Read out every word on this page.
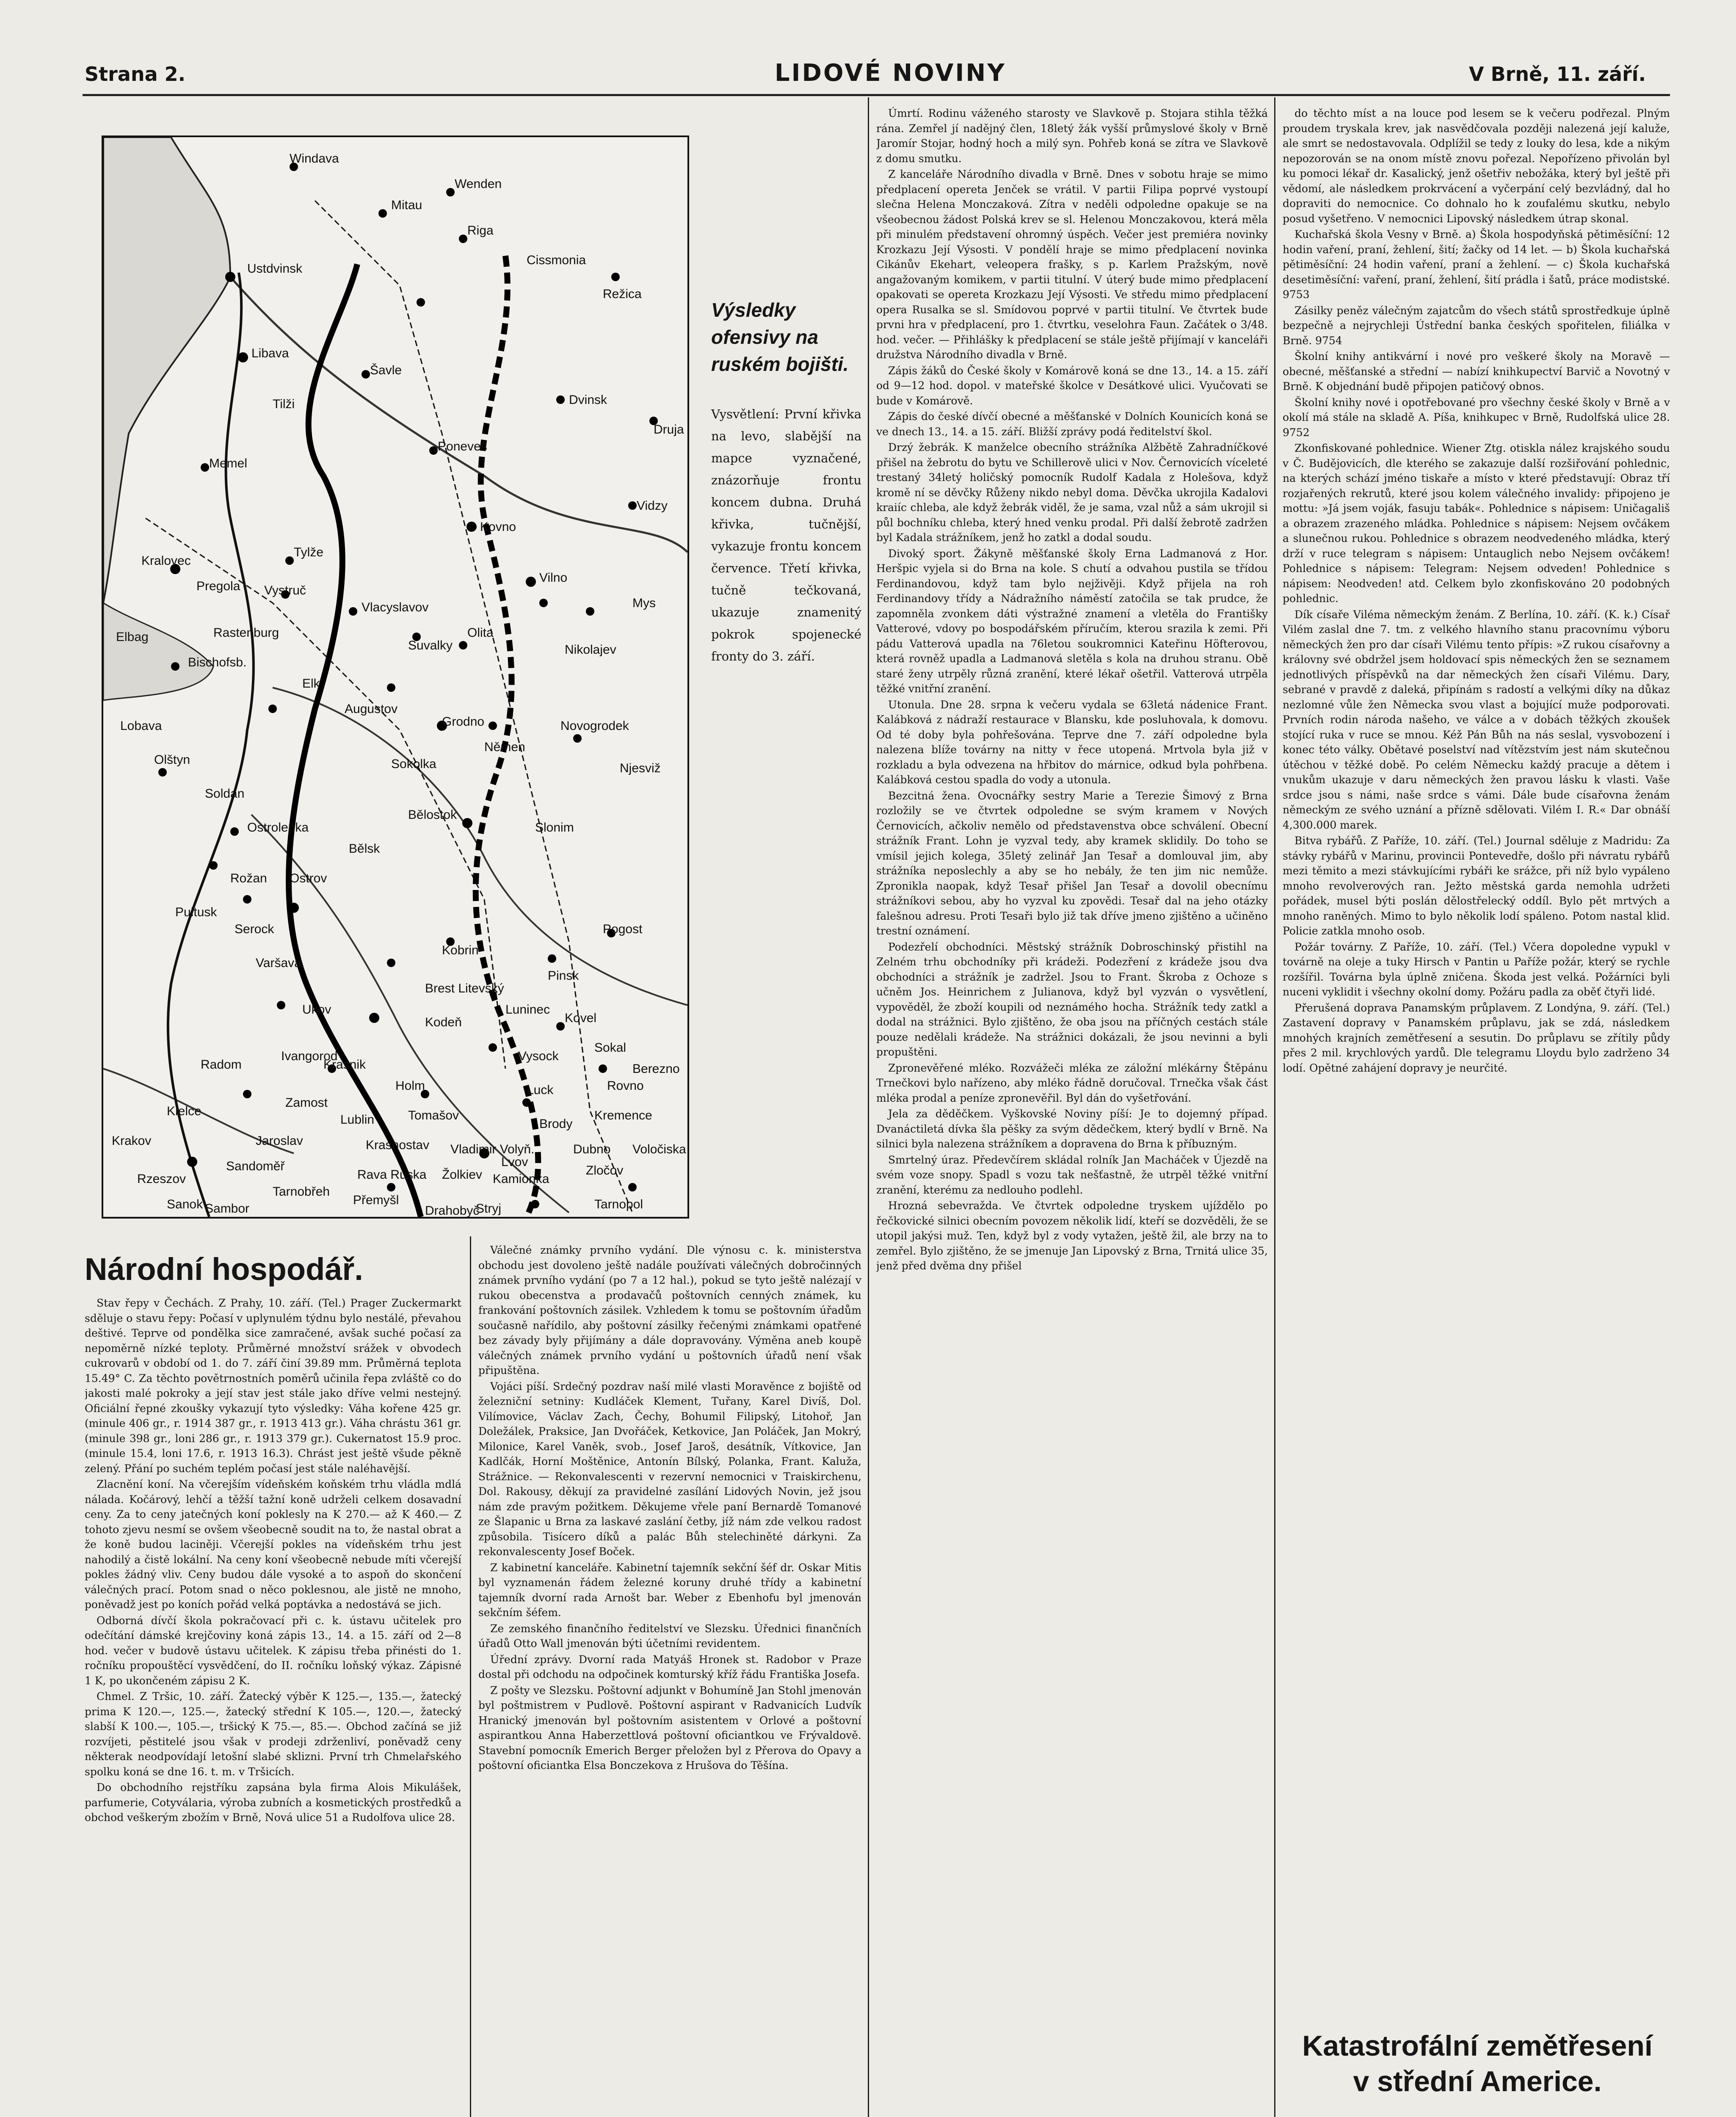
Strana 2.	LIDOVÉ NOVINY	V Brně, 11. září.
Windava
Mitau
Wenden
Ustdvinsk
Riga
Cissmonia
Režica
Libava
Tilži
Šavle
Dvinsk
Memel
Poneveš
Druja
Vidzy
Kovno
Tylže
Vilno
Kralovec
Pregola Vystruč
Vlacyslavov
Suvalky
Olita
Mys
Nikolajev
Elbag
Bischofsb.
Rastenburg
Elk
Augustov
Grodno
Němen
Novogrodek
Lobava
Sokolka	Njesviž
Olštyn
Soldan
Ostrolenka
Bělostok
Slonim
Bělsk
Ostrov
Pultusk
Rožan
Serock
Varšava
Ukov
Pinsk
Pogost
Ivangorod
Kobrin
Brest Litevský
Luninec
Kodeň
Radom
Kielce
Lublin
Holm
Vysock
Luck
Kovel
Sokal
Rovno
Berezno
Krasnik
Krasnostav Vladimir Volyň.	Dubno
Sandoměř
Zamost
Tomašov
Tarnobřeh
Jaroslav
Rava Ruska	Kamionka
Brody
Krakov
Rzeszov
Lvov
Žolkiev
Tarnopol
Přemyšl
Sambor	Drahobyč
Kremence
Zločov
Voločiska
Stryj
Sanok
Výsledky ofensivy na ruském bojišti.
Vysvětlení: První křivka na levo, slabější na mapce vyznačené, znázorňuje frontu koncem dubna. Druhá křivka, tučnější, vykazuje frontu koncem července. Třetí křivka, tučně tečkovaná, ukazuje znamenitý pokrok spojenecké fronty do 3. září.
Národní hospodář.

Stav řepy v Čechách. Z Prahy, 10. září. (Tel.) Prager Zuckermarkt sděluje o stavu řepy: Počasí v uplynulém týdnu bylo nestálé, převahou deštivé. Teprve od pondělka sice zamračené, avšak suché počasí za nepoměrně nízké teploty. Průměrné množství srážek v obvodech cukrovarů v období od 1. do 7. září činí 39.89 mm. Průměrná teplota 15.49° C. Za těchto povětrnostních poměrů učinila řepa zvláště co do jakosti malé pokroky a její stav jest stále jako dříve velmi nestejný. Oficiální řepné zkoušky vykazují tyto výsledky: Váha kořene 425 gr. (minule 406 gr., r. 1914 387 gr., r. 1913 413 gr.). Váha chrástu 361 gr. (minule 398 gr., loni 286 gr., r. 1913 379 gr.). Cukernatost 15.9 proc. (minule 15.4, loni 17.6, r. 1913 16.3). Chrást jest ještě všude pěkně zelený. Přání po suchém teplém počasí jest stále naléhavější.

Zlacnění koní. Na včerejším vídeňském koňském trhu vládla mdlá nálada. Kočárový, lehčí a těžší tažní koně udrželi celkem dosavadní ceny. Za to ceny jatečných koní poklesly na K 270.— až K 460.— Z tohoto zjevu nesmí se ovšem všeobecně soudit na to, že nastal obrat a že koně budou laciněji. Včerejší pokles na vídeňském trhu jest nahodilý a čistě lokální. Na ceny koní všeobecně nebude míti včerejší pokles žádný vliv. Ceny budou dále vysoké a to aspoň do skončení válečných prací. Potom snad o něco poklesnou, ale jistě ne mnoho, poněvadž jest po koních pořád velká poptávka a nedostává se jich.

Odborná dívčí škola pokračovací při c. k. ústavu učitelek pro odečítání dámské krejčoviny koná zápis 13., 14. a 15. září od 2—8 hod. večer v budově ústavu učitelek. K zápisu třeba přinésti do 1. ročníku propouštěcí vysvědčení, do II. ročníku loňský výkaz. Zápisné 1 K, po ukončeném zápisu 2 K.

Chmel. Z Tršic, 10. září. Žatecký výběr K 125.—, 135.—, žatecký prima K 120.—, 125.—, žatecký střední K 105.—, 120.—, žatecký slabší K 100.—, 105.—, tršický K 75.—, 85.—. Obchod začíná se již rozvíjeti, pěstitelé jsou však v prodeji zdrženliví, poněvadž ceny některak neodpovídají letošní slabé sklizni. První trh Chmelařského spolku koná se dne 16. t. m. v Tršicích.

Do obchodního rejstříku zapsána byla firma Alois Mikulášek, parfumerie, Cotyválaria, výroba zubních a kosmetických prostředků a obchod veškerým zbožím v Brně, Nová ulice 51 a Rudolfova ulice 28.

Válečné známky prvního vydání. Dle výnosu c. k. ministerstva obchodu jest dovoleno ještě nadále používati válečných dobročinných známek prvního vydání (po 7 a 12 hal.), pokud se tyto ještě nalézají v rukou obecenstva a prodavačů poštovních cenných známek, ku frankování poštovních zásilek. Vzhledem k tomu se poštovním úřadům současně nařídilo, aby poštovní zásilky řečenými známkami opatřené bez závady byly přijímány a dále dopravovány. Výměna aneb koupě válečných známek prvního vydání u poštovních úřadů není však připuštěna.

Vojáci píší. Srdečný pozdrav naší milé vlasti Moravěnce z bojiště od železniční setniny: Kudláček Klement, Tuřany, Karel Divíš, Dol. Vilímovice, Václav Zach, Čechy, Bohumil Filipský, Litohoř, Jan Doležálek, Praksice, Jan Dvořáček, Ketkovice, Jan Poláček, Jan Mokrý, Milonice, Karel Vaněk, svob., Josef Jaroš, desátník, Vítkovice, Jan Kadlčák, Horní Moštěnice, Antonín Bílský, Polanka, Frant. Kaluža, Strážnice. — Rekonvalescenti v rezervní nemocnici v Traiskirchenu, Dol. Rakousy, děkují za pravidelné zasílání Lidových Novin, jež jsou nám zde pravým požitkem. Děkujeme vřele paní Bernardě Tomanové ze Šlapanic u Brna za laskavé zaslání četby, jíž nám zde velkou radost způsobila. Tisícero díků a palác Bůh stelechiněté dárkyni. Za rekonvalescenty Josef Boček.

Z kabinetní kanceláře. Kabinetní tajemník sekční šéf dr. Oskar Mitis byl vyznamenán řádem železné koruny druhé třídy a kabinetní tajemník dvorní rada Arnošt bar. Weber z Ebenhofu byl jmenován sekčním šéfem.

Ze zemského finančního ředitelství ve Slezsku. Úřednici finančních úřadů Otto Wall jmenován býti účetními revidentem.

Úřední zprávy. Dvorní rada Matyáš Hronek st. Radobor v Praze dostal při odchodu na odpočinek komturský kříž řádu Františka Josefa.

Z pošty ve Slezsku. Poštovní adjunkt v Bohumíně Jan Stohl jmenován byl poštmistrem v Pudlově. Poštovní aspirant v Radvanicích Ludvík Hranický jmenován byl poštovním asistentem v Orlové a poštovní aspirantkou Anna Haberzettlová poštovní oficiantkou ve Frývaldově. Stavební pomocník Emerich Berger přeložen byl z Přerova do Opavy a poštovní oficiantka Elsa Bonczekova z Hrušova do Těšína.

Úmrtí. Rodinu váženého starosty ve Slavkově p. Stojara stihla těžká rána. Zemřel jí nadějný člen, 18letý žák vyšší průmyslové školy v Brně Jaromír Stojar, hodný hoch a milý syn. Pohřeb koná se zítra ve Slavkově z domu smutku.

Z kanceláře Národního divadla v Brně. Dnes v sobotu hraje se mimo předplacení opereta Jenček se vrátil. V partii Filipa poprvé vystoupí slečna Helena Monczaková. Zítra v neděli odpoledne opakuje se na všeobecnou žádost Polská krev se sl. Helenou Monczakovou, která měla při minulém představení ohromný úspěch. Večer jest premiéra novinky Krozkazu Její Výsosti. V pondělí hraje se mimo předplacení novinka Cikánův Ekehart, veleopera frašky, s p. Karlem Pražským, nově angažovaným komikem, v partii titulní. V úterý bude mimo předplacení opakovati se opereta Krozkazu Její Výsosti. Ve středu mimo předplacení opera Rusalka se sl. Smídovou poprvé v partii titulní. Ve čtvrtek bude prvni hra v předplacení, pro 1. čtvrtku, veselohra Faun. Začátek o 3/48. hod. večer. — Přihlášky k předplacení se stále ještě přijímají v kanceláři družstva Národního divadla v Brně.

Zápis žáků do České školy v Komárově koná se dne 13., 14. a 15. září od 9—12 hod. dopol. v mateřské školce v Desátkové ulici. Vyučovati se bude v Komárově.

Zápis do české dívčí obecné a měšťanské v Dolních Kounicích koná se ve dnech 13., 14. a 15. září. Bližší zprávy podá ředitelství škol.

Drzý žebrák. K manželce obecního strážníka Alžbětě Zahradníčkové přišel na žebrotu do bytu ve Schillerově ulici v Nov. Černovicích víceleté trestaný 34letý holičský pomocník Rudolf Kadala z Holešova, když kromě ní se děvčky Růženy nikdo nebyl doma. Děvčka ukrojila Kadalovi kraiíc chleba, ale když žebrák viděl, že je sama, vzal nůž a sám ukrojil si půl bochníku chleba, který hned venku prodal. Při další žebrotě zadržen byl Kadala strážníkem, jenž ho zatkl a dodal soudu.

Divoký sport. Žákyně měšťanské školy Erna Ladmanová z Hor. Heršpic vyjela si do Brna na kole. S chutí a odvahou pustila se třídou Ferdinandovou, když tam bylo nejživěji. Když přijela na roh Ferdinandovy třídy a Nádražního náměstí zatočila se tak prudce, že zapomněla zvonkem dáti výstražné znamení a vletěla do Františky Vatterové, vdovy po bospodářském příručím, kterou srazila k zemi. Při pádu Vatterová upadla na 76letou soukromnici Kateřinu Höfterovou, která rovněž upadla a Ladmanová sletěla s kola na druhou stranu. Obě staré ženy utrpěly různá zranění, které lékař ošetřil. Vatterová utrpěla těžké vnitřní zranění.

Utonula. Dne 28. srpna k večeru vydala se 63letá nádenice Frant. Kalábková z nádraží restaurace v Blansku, kde posluhovala, k domovu. Od té doby byla pohřešována. Teprve dne 7. září odpoledne byla nalezena blíže továrny na nitty v řece utopená. Mrtvola byla již v rozkladu a byla odvezena na hřbitov do márnice, odkud byla pohřbena. Kalábková cestou spadla do vody a utonula.

Bezcitná žena. Ovocnářky sestry Marie a Terezie Šimový z Brna rozložily se ve čtvrtek odpoledne se svým kramem v Nových Černovicích, ačkoliv nemělo od představenstva obce schválení. Obecní strážník Frant. Lohn je vyzval tedy, aby kramek sklidily. Do toho se vmísil jejich kolega, 35letý zelinář Jan Tesař a domlouval jim, aby strážníka neposlechly a aby se ho nebály, že ten jim nic nemůže. Zpronikla naopak, když Tesař přišel Jan Tesař a dovolil obecnímu strážníkovi sebou, aby ho vyzval ku zpovědi. Tesař dal na jeho otázky falešnou adresu. Proti Tesaři bylo již tak dříve jmeno zjištěno a učiněno trestní oznámení.

Podezřelí obchodníci. Městský strážník Dobroschinský přistihl na Zelném trhu obchodníky při krádeži. Podezření z krádeže jsou dva obchodníci a strážník je zadržel. Jsou to Frant. Škroba z Ochoze s učněm Jos. Heinrichem z Julianova, když byl vyzván o vysvětlení, vypověděl, že zboží koupili od neznámého hocha. Strážník tedy zatkl a dodal na strážnici. Bylo zjištěno, že oba jsou na příčných cestách stále pouze nedělali krádeže. Na strážnici dokázali, že jsou nevinni a byli propuštěni.

Zpronevěřené mléko. Rozvážeči mléka ze záložní mlékárny Štěpánu Trnečkovi bylo nařízeno, aby mléko řádně doručoval. Trnečka však část mléka prodal a peníze zpronevěřil. Byl dán do vyšetřování.

Jela za děděčkem. Vyškovské Noviny píší: Je to dojemný případ. Dvanáctiletá dívka šla pěšky za svým dědečkem, který bydlí v Brně. Na silnici byla nalezena strážníkem a dopravena do Brna k příbuzným.

Smrtelný úraz. Předevčírem skládal rolník Jan Macháček v Újezdě na svém voze snopy. Spadl s vozu tak nešťastně, že utrpěl těžké vnitřní zranění, kterému za nedlouho podlehl.

Hrozná sebevražda. Ve čtvrtek odpoledne tryskem ujíždělo po řečkovické silnici obecním povozem několik lidí, kteří se dozvěděli, že se utopil jakýsi muž. Ten, když byl z vody vytažen, ještě žil, ale brzy na to zemřel. Bylo zjištěno, že se jmenuje Jan Lipovský z Brna, Trnitá ulice 35, jenž před dvěma dny přišel

do těchto míst a na louce pod lesem se k večeru podřezal. Plným proudem tryskala krev, jak nasvědčovala později nalezená její kaluže, ale smrt se nedostavovala. Odplížil se tedy z louky do lesa, kde a nikým nepozorován se na onom místě znovu pořezal. Nepořízeno přivolán byl ku pomoci lékař dr. Kasalický, jenž ošetřiv nebožáka, který byl ještě při vědomí, ale následkem prokrvácení a vyčerpání celý bezvládný, dal ho dopraviti do nemocnice. Co dohnalo ho k zoufalému skutku, nebylo posud vyšetřeno. V nemocnici Lipovský následkem útrap skonal.

Kuchařská škola Vesny v Brně. a) Škola hospodyňská pětiměsíční: 12 hodin vaření, praní, žehlení, šití; žačky od 14 let. — b) Škola kuchařská pětiměsíční: 24 hodin vaření, praní a žehlení. — c) Škola kuchařská desetiměsíční: vaření, praní, žehlení, šití prádla i šatů, práce modistské. 9753

Zásilky peněz válečným zajatcům do všech států sprostředkuje úplně bezpečně a nejrychleji Ústřední banka českých spořitelen, filiálka v Brně. 9754

Školní knihy antikvární i nové pro veškeré školy na Moravě — obecné, měšťanské a střední — nabízí knihkupectví Barvič a Novotný v Brně. K objednání budě připojen patičový obnos.

Školní knihy nové i opotřebované pro všechny české školy v Brně a v okolí má stále na skladě A. Píša, knihkupec v Brně, Rudolfská ulice 28. 9752

Zkonfiskované pohlednice. Wiener Ztg. otiskla nález krajského soudu v Č. Budějovicích, dle kterého se zakazuje další rozšiřování pohlednic, na kterých schází jméno tiskaře a místo v které představují: Obraz tří rozjařených rekrutů, které jsou kolem válečného invalidy: připojeno je mottu: »Já jsem voják, fasuju tabák«. Pohlednice s nápisem: Uničagališ a obrazem zrazeného mládka. Pohlednice s nápisem: Nejsem ovčákem a slunečnou rukou. Pohlednice s obrazem neodvedeného mládka, který drží v ruce telegram s nápisem: Untauglich nebo Nejsem ovčákem! Pohlednice s nápisem: Telegram: Nejsem odveden! Pohlednice s nápisem: Neodveden! atd. Celkem bylo zkonfiskováno 20 podobných pohlednic.

Dík císaře Viléma německým ženám. Z Berlína, 10. září. (K. k.) Císař Vilém zaslal dne 7. tm. z velkého hlavního stanu pracovnímu výboru německých žen pro dar císaři Vilému tento přípis: »Z rukou císařovny a královny své obdržel jsem holdovací spis německých žen se seznamem jednotlivých příspěvků na dar německých žen císaři Vilému. Dary, sebrané v pravdě z daleká, připínám s radostí a velkými díky na důkaz nezlomné vůle žen Německa svou vlast a bojující muže podporovati. Prvních rodin národa našeho, ve válce a v dobách těžkých zkoušek stojící ruka v ruce se mnou. Kéž Pán Bůh na nás seslal, vysvobození i konec této války. Obětavé poselství nad vítězstvím jest nám skutečnou útěchou v těžké době. Po celém Německu každý pracuje a dětem i vnukům ukazuje v daru německých žen pravou lásku k vlasti. Vaše srdce jsou s námi, naše srdce s vámi. Dále bude císařovna ženám německým ze svého uznání a přízně sdělovati. Vilém I. R.« Dar obnáší 4,300.000 marek.

Bitva rybářů. Z Paříže, 10. září. (Tel.) Journal sděluje z Madridu: Za stávky rybářů v Marinu, provincii Pontevedře, došlo při návratu rybářů mezi těmito a mezi stávkujícími rybáři ke srážce, při níž bylo vypáleno mnoho revolverových ran. Ježto městská garda nemohla udržeti pořádek, musel býti poslán dělostřelecký oddíl. Bylo pět mrtvých a mnoho raněných. Mimo to bylo několik lodí spáleno. Potom nastal klid. Policie zatkla mnoho osob.

Požár továrny. Z Paříže, 10. září. (Tel.) Včera dopoledne vypukl v továrně na oleje a tuky Hirsch v Pantin u Paříže požár, který se rychle rozšířil. Továrna byla úplně zničena. Škoda jest velká. Požárníci byli nuceni vyklidit i všechny okolní domy. Požáru padla za oběť čtyři lidé.

Přerušená doprava Panamským průplavem. Z Londýna, 9. září. (Tel.) Zastavení dopravy v Panamském průplavu, jak se zdá, následkem mnohých krajních zemětřesení a sesutin. Do průplavu se zřítily půdy přes 2 mil. krychlových yardů. Dle telegramu Lloydu bylo zadrženo 34 lodí. Opětné zahájení dopravy je neurčité.

Katastrofální zemětřesení v střední Americe.
